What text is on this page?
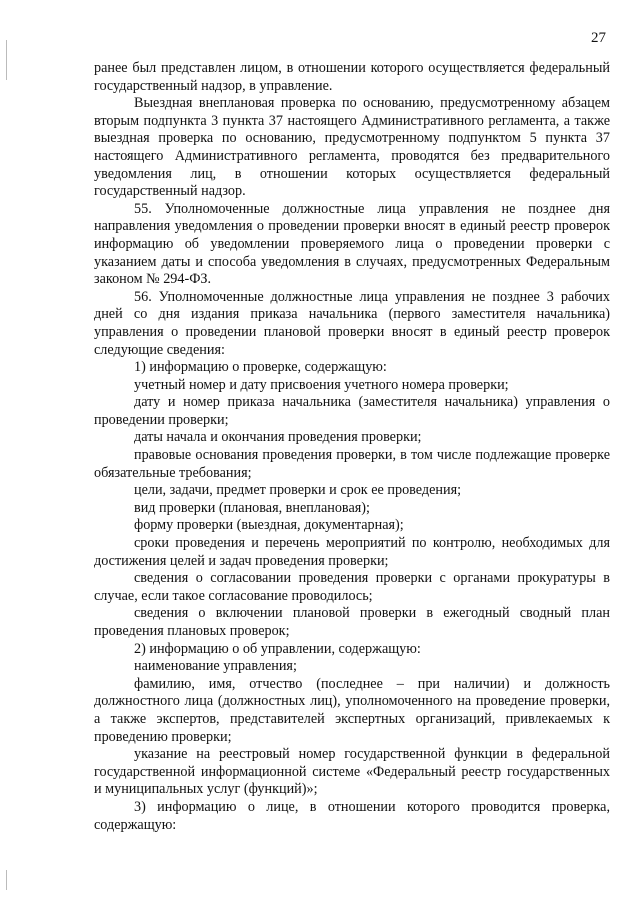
27

ранее был представлен лицом, в отношении которого осуществляется федеральный государственный надзор, в управление.

Выездная внеплановая проверка по основанию, предусмотренному абзацем вторым подпункта 3 пункта 37 настоящего Административного регламента, а также выездная проверка по основанию, предусмотренному подпунктом 5 пункта 37 настоящего Административного регламента, проводятся без предварительного уведомления лиц, в отношении которых осуществляется федеральный государственный надзор.

55. Уполномоченные должностные лица управления не позднее дня направления уведомления о проведении проверки вносят в единый реестр проверок информацию об уведомлении проверяемого лица о проведении проверки с указанием даты и способа уведомления в случаях, предусмотренных Федеральным законом № 294-ФЗ.

56. Уполномоченные должностные лица управления не позднее 3 рабочих дней со дня издания приказа начальника (первого заместителя начальника) управления о проведении плановой проверки вносят в единый реестр проверок следующие сведения:

1) информацию о проверке, содержащую:

учетный номер и дату присвоения учетного номера проверки;

дату и номер приказа начальника (заместителя начальника) управления о проведении проверки;

даты начала и окончания проведения проверки;

правовые основания проведения проверки, в том числе подлежащие проверке обязательные требования;

цели, задачи, предмет проверки и срок ее проведения;

вид проверки (плановая, внеплановая);

форму проверки (выездная, документарная);

сроки проведения и перечень мероприятий по контролю, необходимых для достижения целей и задач проведения проверки;

сведения о согласовании проведения проверки с органами прокуратуры в случае, если такое согласование проводилось;

сведения о включении плановой проверки в ежегодный сводный план проведения плановых проверок;

2) информацию о об управлении, содержащую:

наименование управления;

фамилию, имя, отчество (последнее – при наличии) и должность должностного лица (должностных лиц), уполномоченного на проведение проверки, а также экспертов, представителей экспертных организаций, привлекаемых к проведению проверки;

указание на реестровый номер государственной функции в федеральной государственной информационной системе «Федеральный реестр государственных и муниципальных услуг (функций)»;

3) информацию о лице, в отношении которого проводится проверка, содержащую:
